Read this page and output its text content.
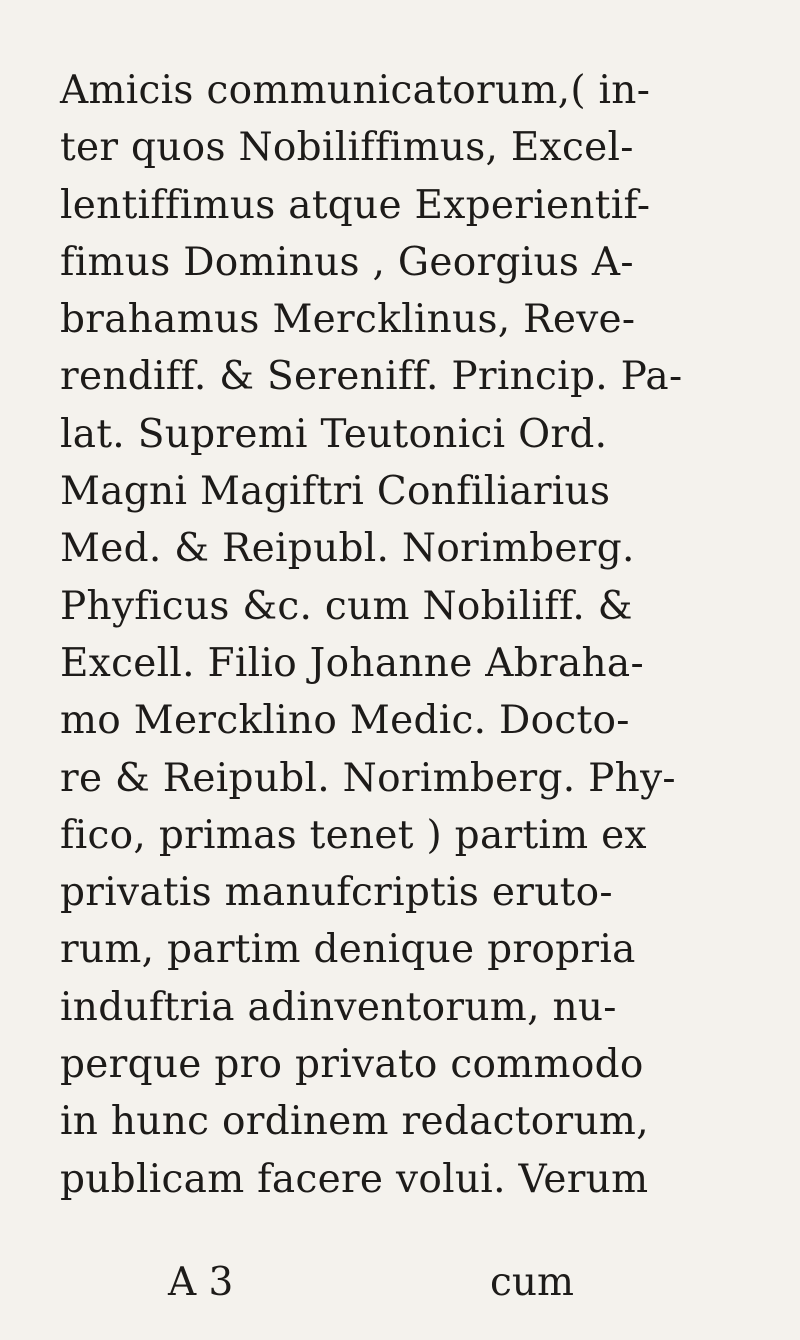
Amicis communicatorum,( in-
ter quos Nobiliffimus, Excel-
lentiffimus atque Experientif-
fimus Dominus , Georgius A-
brahamus Mercklinus, Reve-
rendiff. & Sereniff. Princip. Pa-
lat. Supremi Teutonici Ord.
Magni Magiftri Confiliarius
Med. & Reipubl. Norimberg.
Phyficus &c. cum Nobiliff. &
Excell. Filio Johanne Abraha-
mo Mercklino Medic. Docto-
re & Reipubl. Norimberg. Phy-
fico, primas tenet ) partim ex
privatis manufcriptis eruto-
rum, partim denique propria
induftria adinventorum, nu-
perque pro privato commodo
in hunc ordinem redactorum,
publicam facere volui. Verum
A 3	cum
